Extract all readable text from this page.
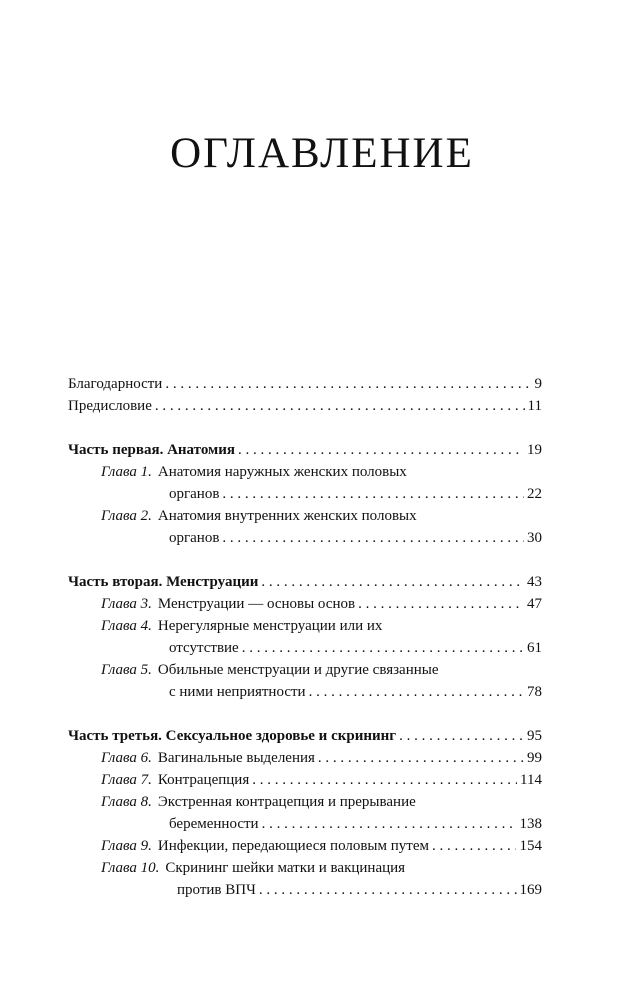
ОГЛАВЛЕНИЕ
Благодарности . . .	9
Предисловие . . .	11
Часть первая. Анатомия . . .	19
Глава 1. Анатомия наружных женских половых
органов . . .	22
Глава 2. Анатомия внутренних женских половых
органов . . .	30
Часть вторая. Менструации . . .	43
Глава 3. Менструации — основы основ . . .	47
Глава 4. Нерегулярные менструации или их
отсутствие . . .	61
Глава 5. Обильные менструации и другие связанные
с ними неприятности . . .	78
Часть третья. Сексуальное здоровье и скрининг . . .	95
Глава 6. Вагинальные выделения . . .	99
Глава 7. Контрацепция . . .	114
Глава 8. Экстренная контрацепция и прерывание
беременности . . .	138
Глава 9. Инфекции, передающиеся половым путем . . .	154
Глава 10. Скрининг шейки матки и вакцинация
против ВПЧ . . .	169
